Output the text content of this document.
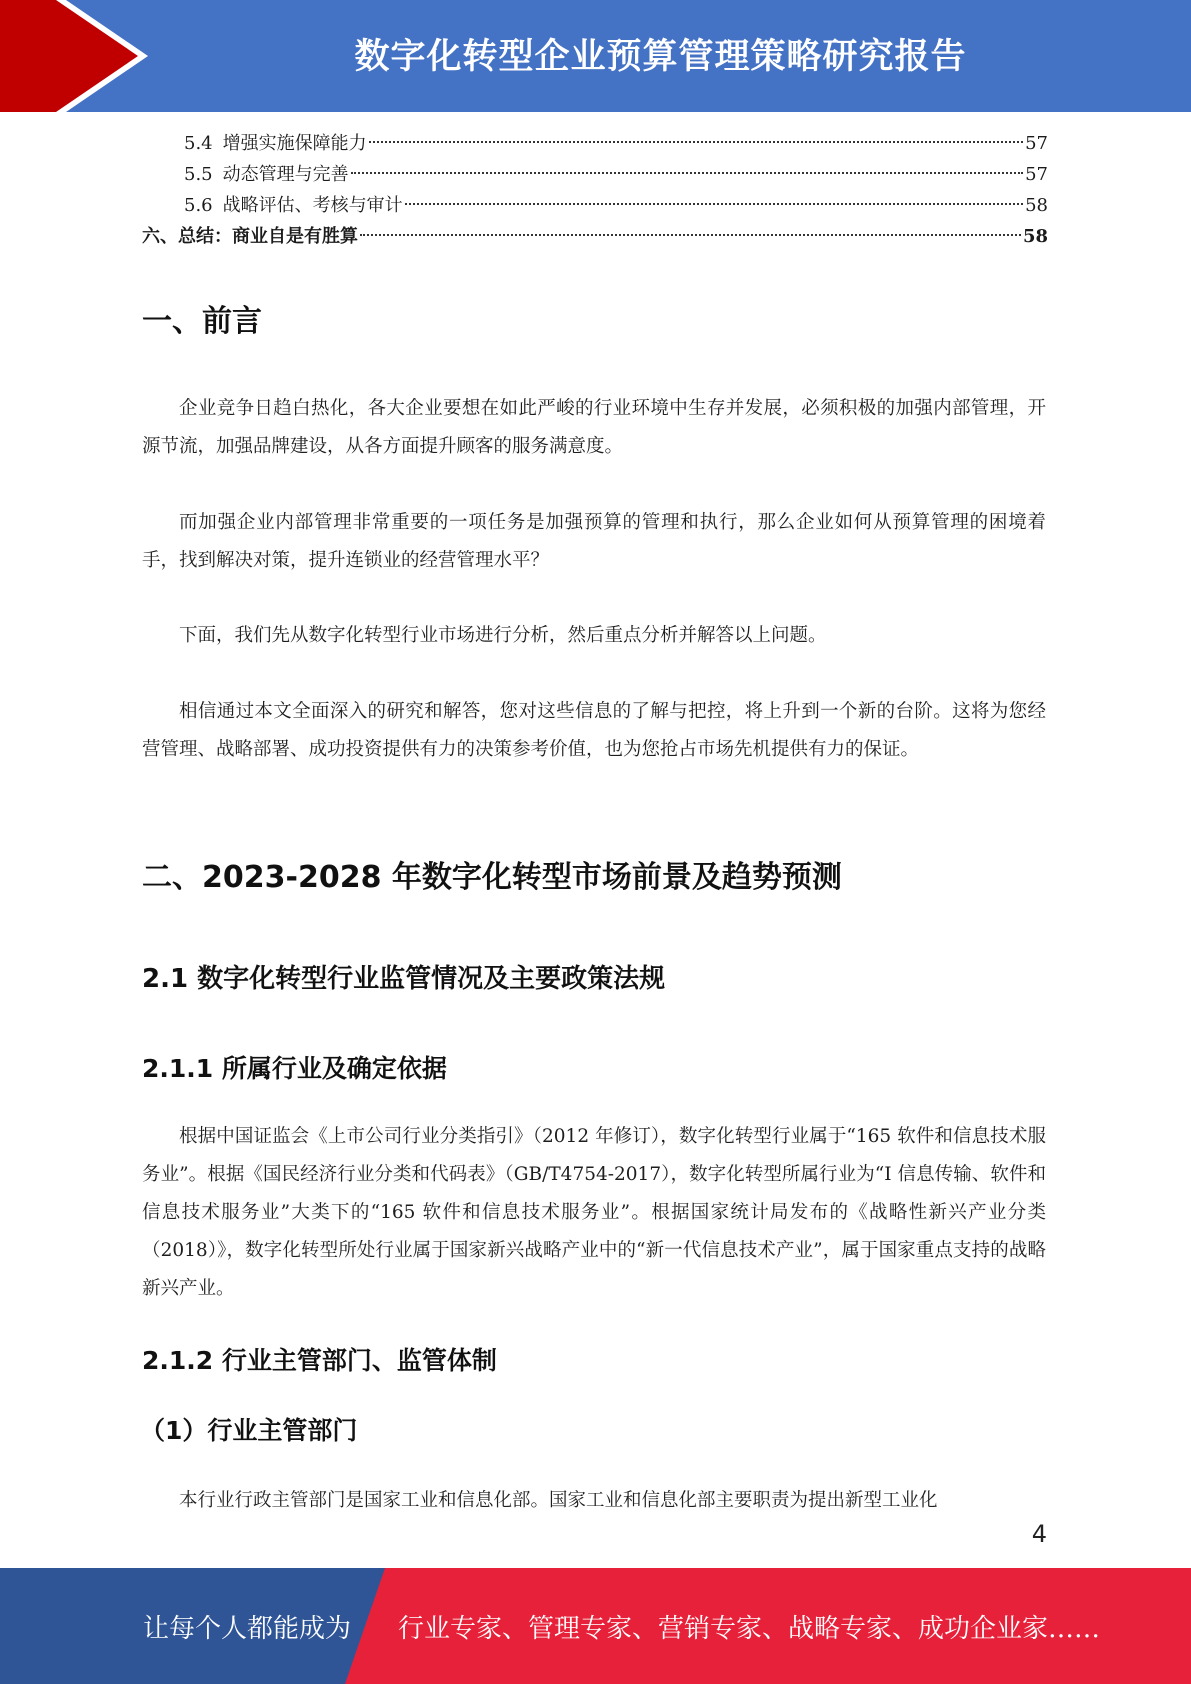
数字化转型企业预算管理策略研究报告
5.4 增强实施保障能力	57
5.5 动态管理与完善	57
5.6 战略评估、考核与审计	58
六、总结：商业自是有胜算	58
一、前言

企业竞争日趋白热化，各大企业要想在如此严峻的行业环境中生存并发展，必须积极的加强内部管理，开源节流，加强品牌建设，从各方面提升顾客的服务满意度。

而加强企业内部管理非常重要的一项任务是加强预算的管理和执行，那么企业如何从预算管理的困境着手，找到解决对策，提升连锁业的经营管理水平？

下面，我们先从数字化转型行业市场进行分析，然后重点分析并解答以上问题。

相信通过本文全面深入的研究和解答，您对这些信息的了解与把控，将上升到一个新的台阶。这将为您经营管理、战略部署、成功投资提供有力的决策参考价值，也为您抢占市场先机提供有力的保证。

二、2023-2028 年数字化转型市场前景及趋势预测
2.1 数字化转型行业监管情况及主要政策法规
2.1.1 所属行业及确定依据

根据中国证监会《上市公司行业分类指引》（2012 年修订），数字化转型行业属于“165 软件和信息技术服务业”。根据《国民经济行业分类和代码表》（GB/T4754-2017），数字化转型所属行业为“I 信息传输、软件和信息技术服务业”大类下的“165 软件和信息技术服务业”。根据国家统计局发布的《战略性新兴产业分类（2018）》，数字化转型所处行业属于国家新兴战略产业中的“新一代信息技术产业”，属于国家重点支持的战略新兴产业。

2.1.2 行业主管部门、监管体制
（1）行业主管部门

本行业行政主管部门是国家工业和信息化部。国家工业和信息化部主要职责为提出新型工业化

4
让每个人都能成为 行业专家、管理专家、营销专家、战略专家、成功企业家……
